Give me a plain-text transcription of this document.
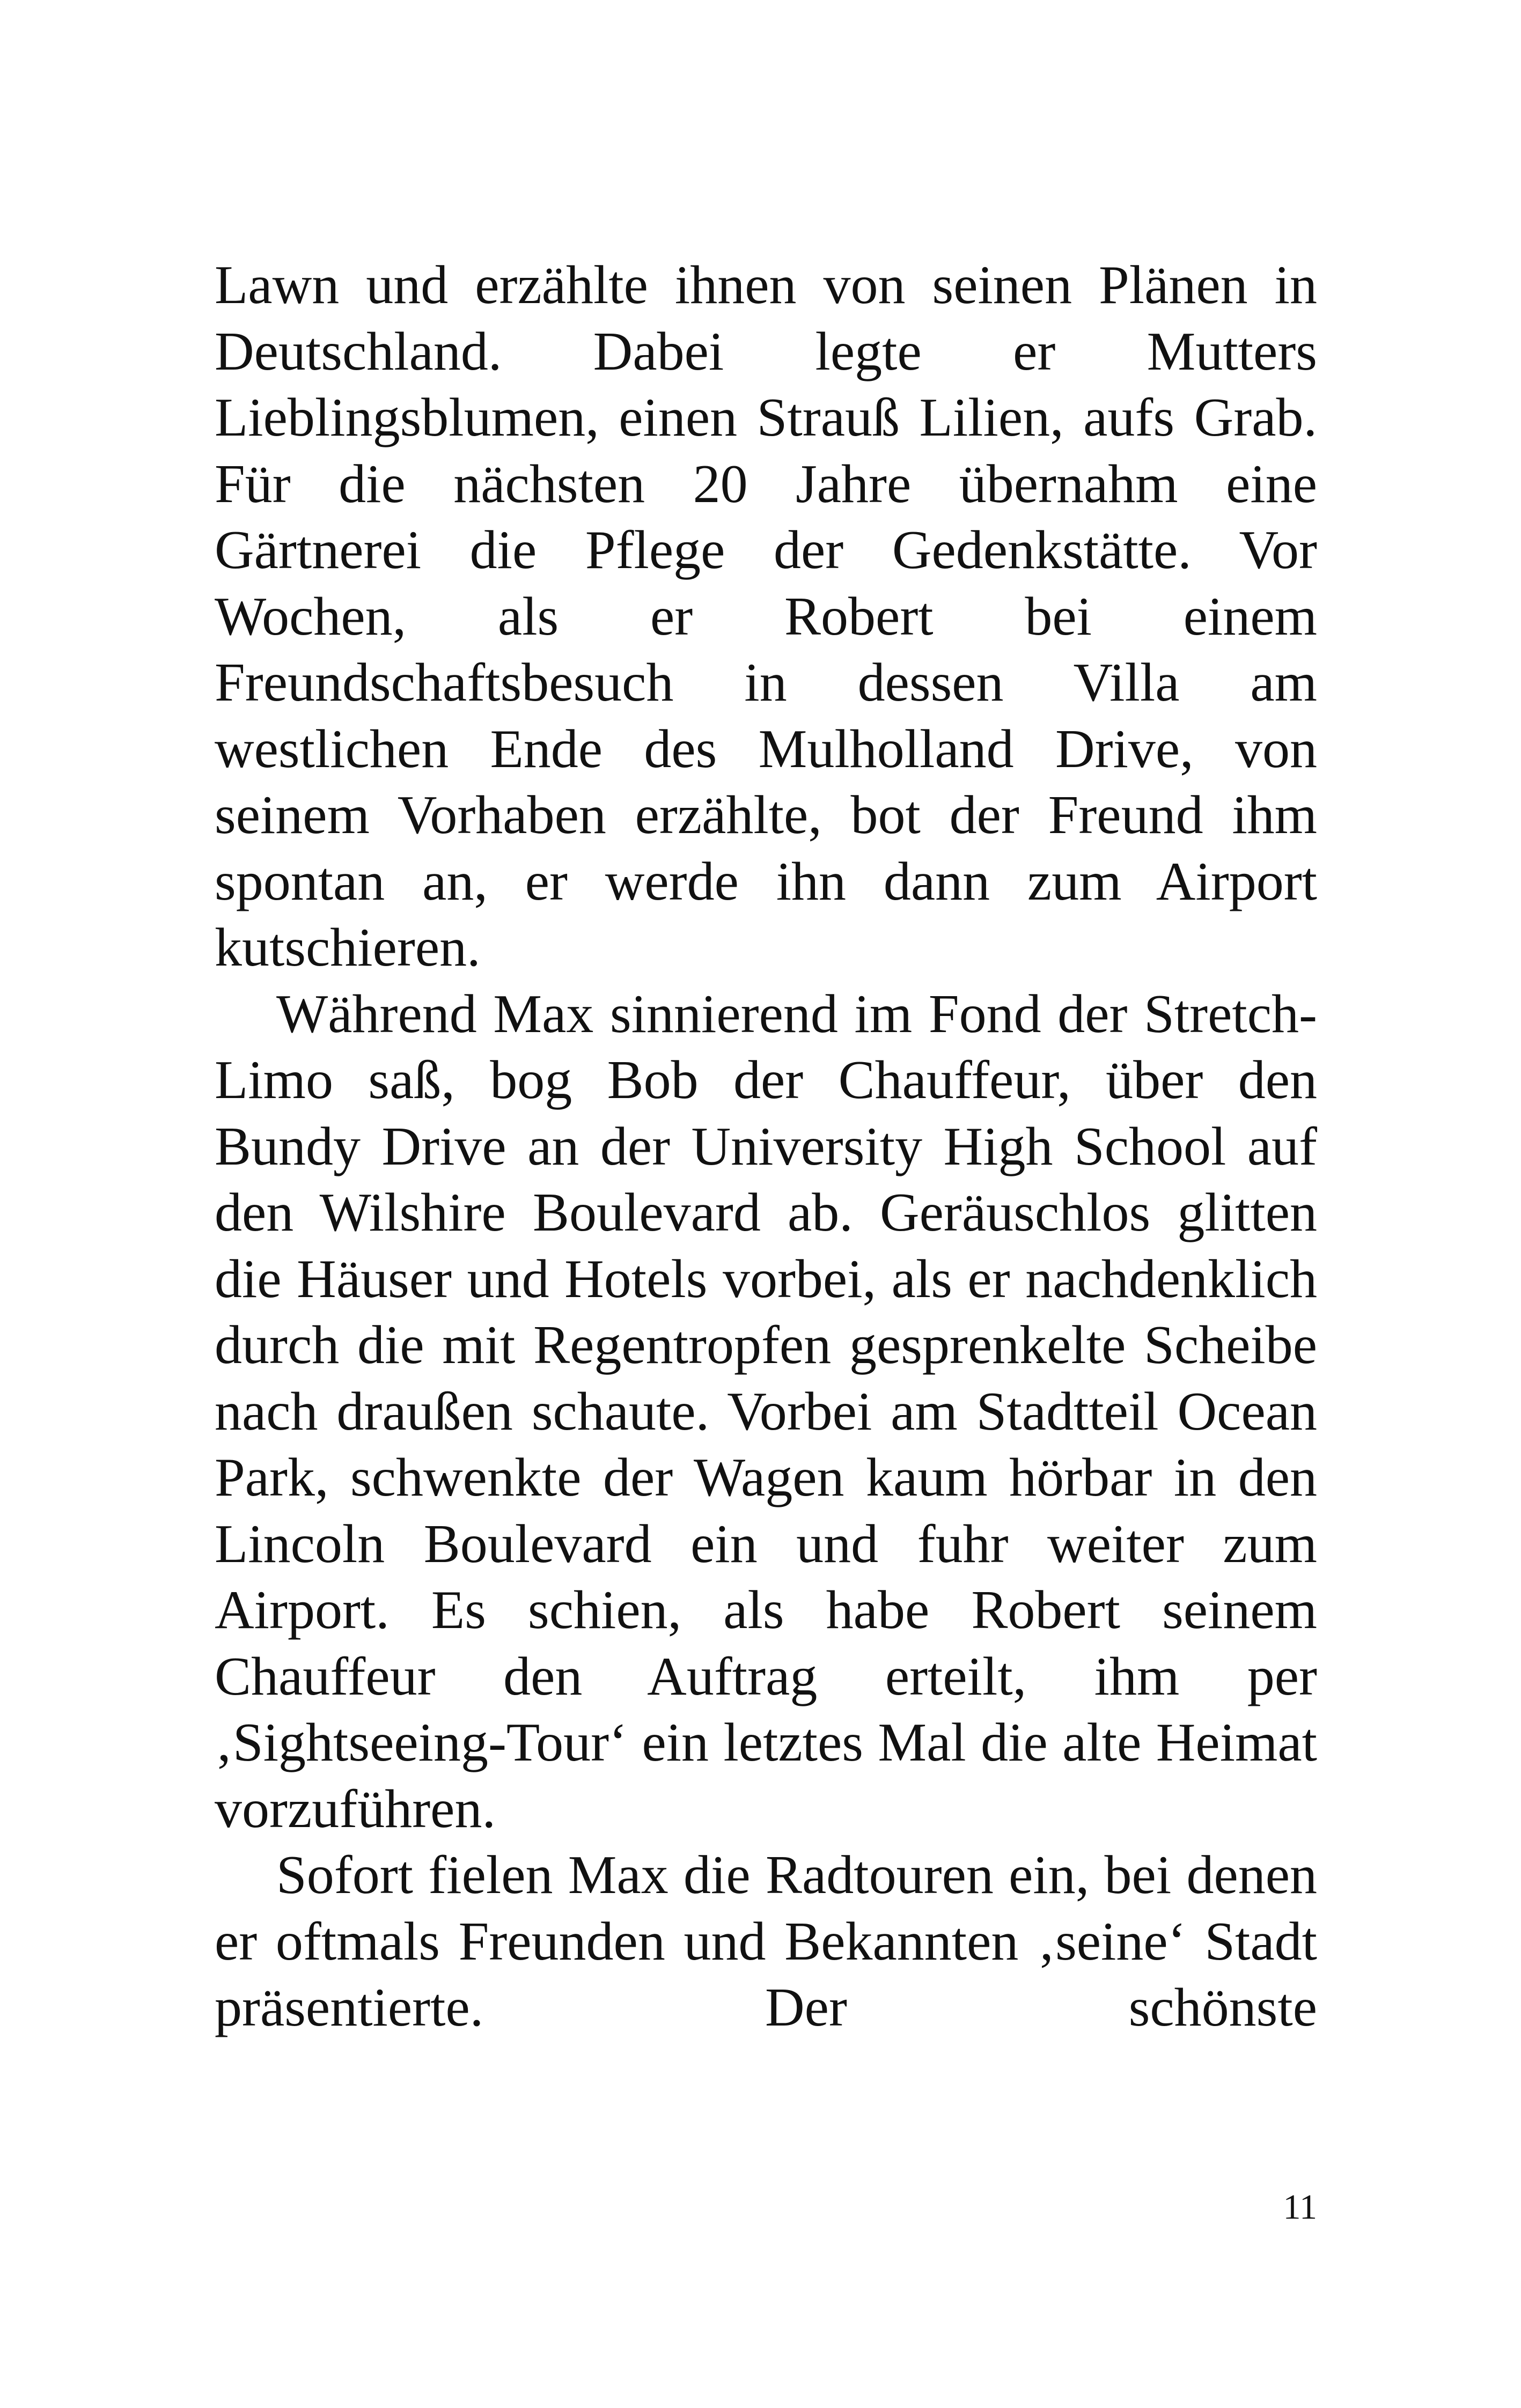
Lawn und erzählte ihnen von seinen Plänen in Deutschland. Dabei legte er Mutters Lieblingsblumen, einen Strauß Lilien, aufs Grab. Für die nächsten 20 Jahre übernahm eine Gärtnerei die Pflege der Gedenkstätte. Vor Wochen, als er Robert bei einem Freundschaftsbesuch in dessen Villa am westlichen Ende des Mulholland Drive, von seinem Vorhaben erzählte, bot der Freund ihm spontan an, er werde ihn dann zum Airport kutschieren.

Während Max sinnierend im Fond der Stretch-Limo saß, bog Bob der Chauffeur, über den Bundy Drive an der University High School auf den Wilshire Boulevard ab. Geräuschlos glitten die Häuser und Hotels vorbei, als er nachdenklich durch die mit Regentropfen gesprenkelte Scheibe nach draußen schaute. Vorbei am Stadtteil Ocean Park, schwenkte der Wagen kaum hörbar in den Lincoln Boulevard ein und fuhr weiter zum Airport. Es schien, als habe Robert seinem Chauffeur den Auftrag erteilt, ihm per ‚Sightseeing-Tour‘ ein letztes Mal die alte Heimat vorzuführen.

Sofort fielen Max die Radtouren ein, bei denen er oftmals Freunden und Bekannten ‚seine‘ Stadt präsentierte. Der schönste

11
